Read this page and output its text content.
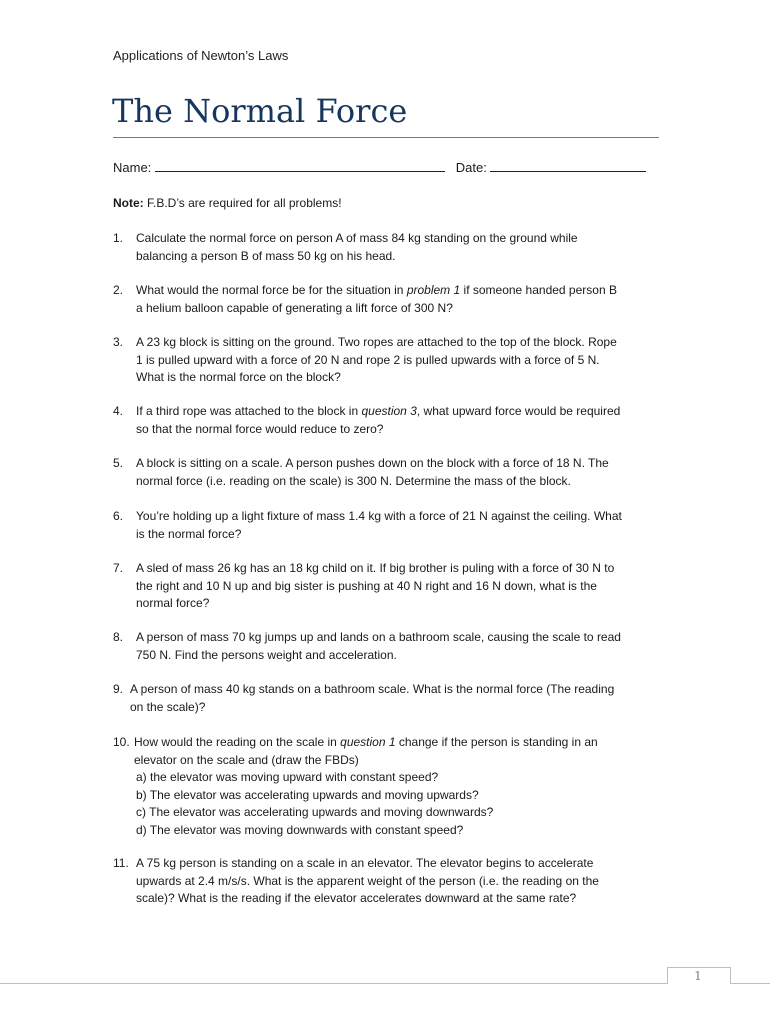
Applications of Newton’s Laws
The Normal Force
Name:	Date:
Note: F.B.D’s are required for all problems!
1. Calculate the normal force on person A of mass 84 kg standing on the ground while
balancing a person B of mass 50 kg on his head.
2. What would the normal force be for the situation in problem 1 if someone handed person B
a helium balloon capable of generating a lift force of 300 N?
3. A 23 kg block is sitting on the ground. Two ropes are attached to the top of the block. Rope
1 is pulled upward with a force of 20 N and rope 2 is pulled upwards with a force of 5 N.
What is the normal force on the block?
4. If a third rope was attached to the block in question 3, what upward force would be required
so that the normal force would reduce to zero?
5. A block is sitting on a scale. A person pushes down on the block with a force of 18 N. The
normal force (i.e. reading on the scale) is 300 N. Determine the mass of the block.
6. You’re holding up a light fixture of mass 1.4 kg with a force of 21 N against the ceiling. What
is the normal force?
7. A sled of mass 26 kg has an 18 kg child on it. If big brother is puling with a force of 30 N to
the right and 10 N up and big sister is pushing at 40 N right and 16 N down, what is the
normal force?
8. A person of mass 70 kg jumps up and lands on a bathroom scale, causing the scale to read
750 N. Find the persons weight and acceleration.
9. A person of mass 40 kg stands on a bathroom scale. What is the normal force (The reading
on the scale)?
10. How would the reading on the scale in question 1 change if the person is standing in an
elevator on the scale and (draw the FBDs)
a) the elevator was moving upward with constant speed?
b) The elevator was accelerating upwards and moving upwards?
c) The elevator was accelerating upwards and moving downwards?
d) The elevator was moving downwards with constant speed?
11. A 75 kg person is standing on a scale in an elevator. The elevator begins to accelerate
upwards at 2.4 m/s/s. What is the apparent weight of the person (i.e. the reading on the
scale)? What is the reading if the elevator accelerates downward at the same rate?
1
